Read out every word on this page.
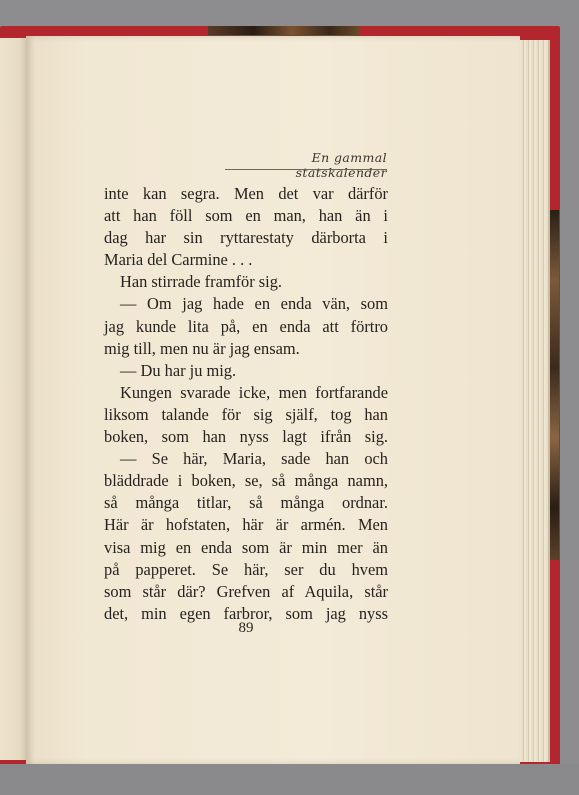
En gammal statskalender
inte kan segra. Men det var därför
att han föll som en man, han än i
dag har sin ryttarestaty därborta i
Maria del Carmine . . .
Han stirrade framför sig.
— Om jag hade en enda vän, som
jag kunde lita på, en enda att förtro
mig till, men nu är jag ensam.
— Du har ju mig.
Kungen svarade icke, men fortfarande
liksom talande för sig själf, tog han
boken, som han nyss lagt ifrån sig.
— Se här, Maria, sade han och
bläddrade i boken, se, så många namn,
så många titlar, så många ordnar.
Här är hofstaten, här är armén. Men
visa mig en enda som är min mer än
på papperet. Se här, ser du hvem
som står där? Grefven af Aquila, står
det, min egen farbror, som jag nyss
89
